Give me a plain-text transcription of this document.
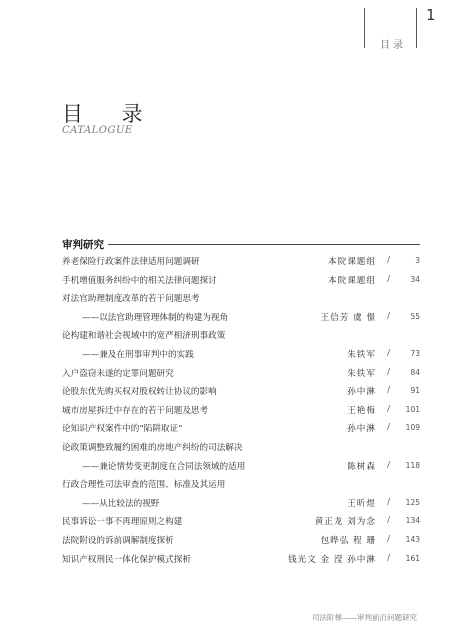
1
目录
目 录
CATALOGUE
审判研究
养老保险行政案件法律适用问题调研	本院课题组 /	3
手机增值服务纠纷中的相关法律问题探讨	本院课题组 /	34
对法官助理制度改革的若干问题思考
——以法官助理管理体制的构建为视角	王信芳 虞 憬 /	55
论构建和谐社会视域中的宽严相济刑事政策
——兼及在刑事审判中的实践	朱铁军 /	73
入户盗窃未遂的定罪问题研究	朱铁军 /	84
论股东优先购买权对股权转让协议的影响	孙中淋 /	91
城市房屋拆迁中存在的若干问题及思考	王艳梅 /	101
论知识产权案件中的“陷阱取证”	孙中淋 /	109
论政策调整致履约困难的房地产纠纷的司法解决
——兼论情势变更制度在合同法领域的适用	陈树森 /	118
行政合理性司法审查的范围、标准及其运用
——从比较法的视野	王昕煜 /	125
民事诉讼一事不再理原则之构建	黄正龙 刘为念 /	134
法院附设的诉前调解制度探析	包晔弘 程 珊 /	143
知识产权刑民一体化保护模式探析	钱光文 金 滢 孙中淋 /	161
司法阶梯——审判前沿问题研究
